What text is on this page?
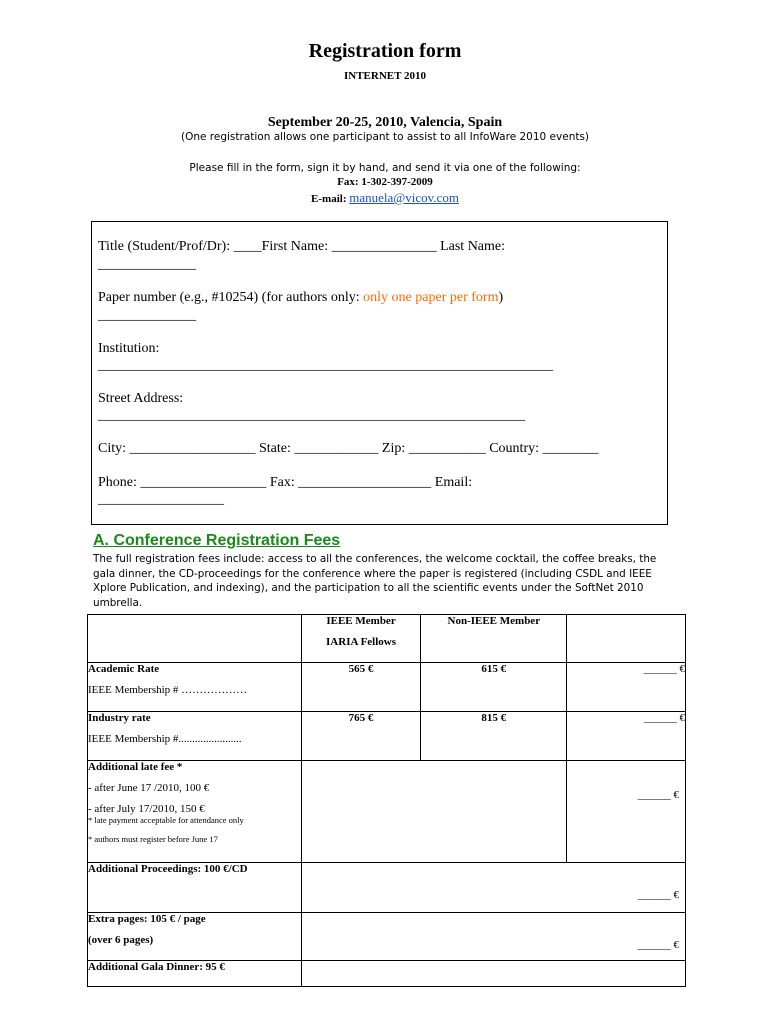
Registration form
INTERNET 2010
September 20-25, 2010, Valencia, Spain
(One registration allows one participant to assist to all InfoWare 2010 events)
Please fill in the form, sign it by hand, and send it via one of the following:
Fax: 1-302-397-2009
E-mail: manuela@vicov.com
Title (Student/Prof/Dr): ____First Name: _______________ Last Name:
______________
Paper number (e.g., #10254) (for authors only: only one paper per form)
______________
Institution:
_________________________________________________________________
Street Address:
_____________________________________________________________
City: __________________ State: ____________ Zip: ___________ Country: ________
Phone: __________________ Fax: ___________________ Email:
__________________
A. Conference Registration Fees
The full registration fees include: access to all the conferences, the welcome cocktail, the coffee breaks, the gala dinner, the CD-proceedings for the conference where the paper is registered (including CSDL and IEEE Xplore Publication, and indexing), and the participation to all the scientific events under the SoftNet 2010 umbrella.

	IEEE Member
IARIA Fellows	Non-IEEE Member	

Academic Rate
IEEE Membership # ………………	565 €	615 €	______ €

Industry rate
IEEE Membership #.......................	765 €	815 €	______ €

Additional late fee *
- after June 17 /2010, 100 €
- after July 17/2010, 150 €
* late payment acceptable for attendance only
* authors must register before June 17			______ €
Additional Proceedings: 100 €/CD	______ €		

Extra pages: 105 € / page
(over 6 pages)	______ €		
Additional Gala Dinner: 95 €			
